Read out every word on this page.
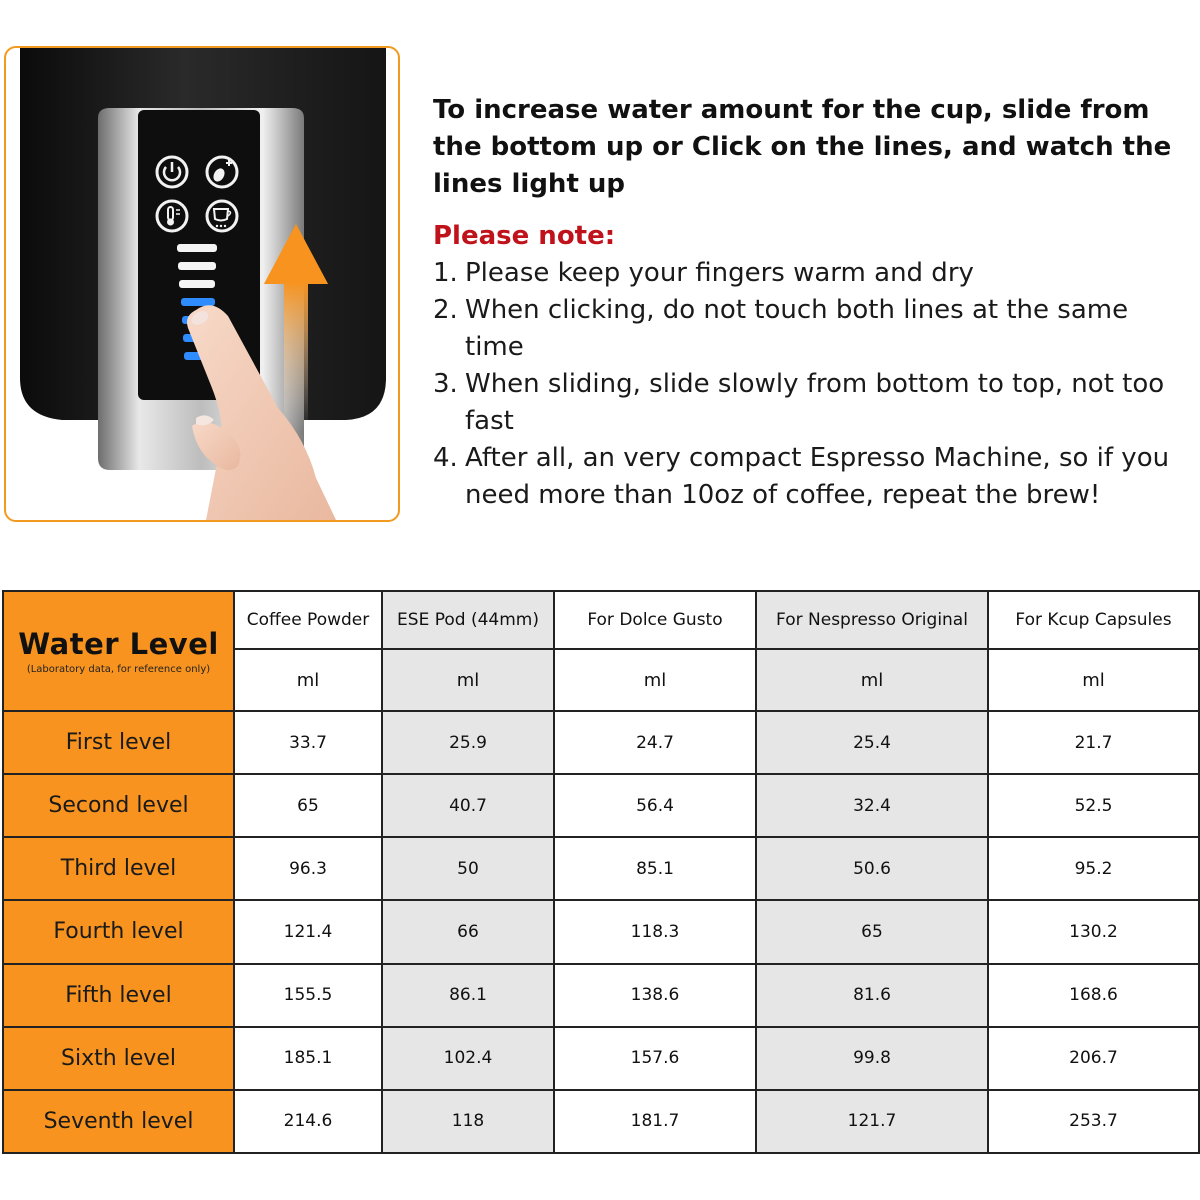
To increase water amount for the cup, slide from the bottom up or Click on the lines, and watch the lines light up

Please note:
1. Please keep your fingers warm and dry
2. When clicking, do not touch both lines at the same time
3. When sliding, slide slowly from bottom to top, not too fast
4. After all, an very compact Espresso Machine, so if you need more than 10oz of coffee, repeat the brew!
Water Level
(Laboratory data, for reference only)	Coffee Powder	ESE Pod (44mm)	For Dolce Gusto	For Nespresso Original	For Kcup Capsules
	ml	ml	ml	ml	ml
First level	33.7	25.9	24.7	25.4	21.7
Second level	65	40.7	56.4	32.4	52.5
Third level	96.3	50	85.1	50.6	95.2
Fourth level	121.4	66	118.3	65	130.2
Fifth level	155.5	86.1	138.6	81.6	168.6
Sixth level	185.1	102.4	157.6	99.8	206.7
Seventh level	214.6	118	181.7	121.7	253.7
